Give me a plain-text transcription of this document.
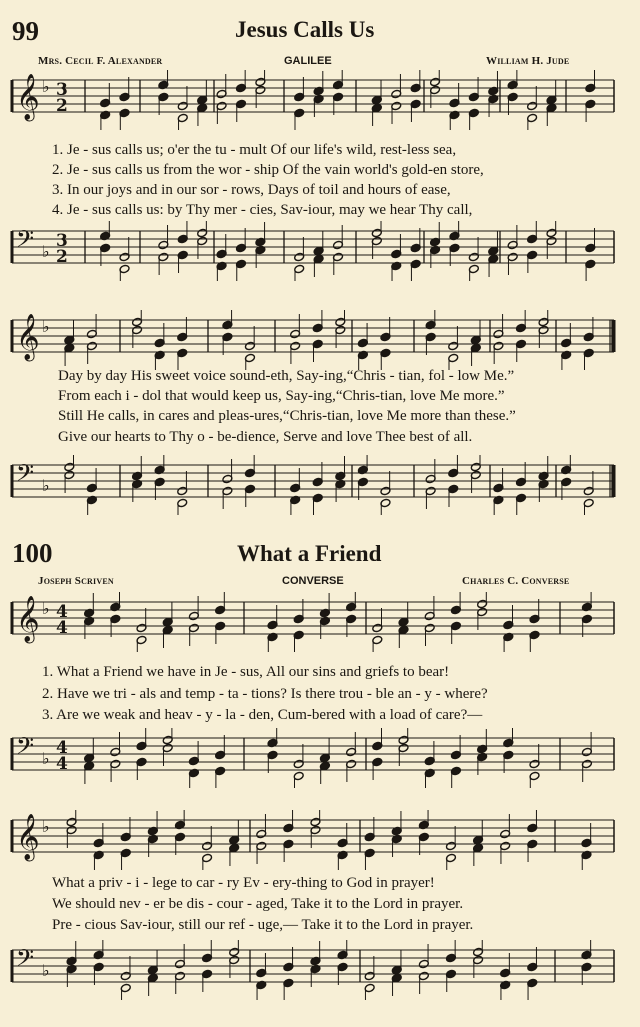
99	Jesus Calls Us
Mrs. Cecil F. Alexander	GALILEE	William H. Jude
𝄞 ♭ 3
2
1. Je - sus calls us; o'er the tu - mult Of our life's wild, rest-less sea,
2. Je - sus calls us from the wor - ship Of the vain world's gold-en store,
3. In our joys and in our sor - rows, Days of toil and hours of ease,
4. Je - sus calls us: by Thy mer - cies, Sav-iour, may we hear Thy call,
𝄢 ♭
3
2
𝄞 ♭
Day by day His sweet voice sound-eth, Say-ing,“Chris - tian, fol - low Me.”
From each i - dol that would keep us, Say-ing,“Chris-tian, love Me more.”
Still He calls, in cares and pleas-ures,“Chris-tian, love Me more than these.”
Give our hearts to Thy o - be-dience, Serve and love Thee best of all.
𝄢 ♭
100	What a Friend
Joseph Scriven	CONVERSE	Charles C. Converse
𝄞 ♭ 4
4
1. What a Friend we have in Je - sus, All our sins and griefs to bear!
2. Have we tri - als and temp - ta - tions? Is there trou - ble an - y - where?
3. Are we weak and heav - y - la - den, Cum-bered with a load of care?—
𝄢 ♭
4
4
𝄞 ♭
What a priv - i - lege to car - ry Ev - ery-thing to God in prayer!
We should nev - er be dis - cour - aged, Take it to the Lord in prayer.
Pre - cious Sav-iour, still our ref - uge,— Take it to the Lord in prayer.
𝄢 ♭
